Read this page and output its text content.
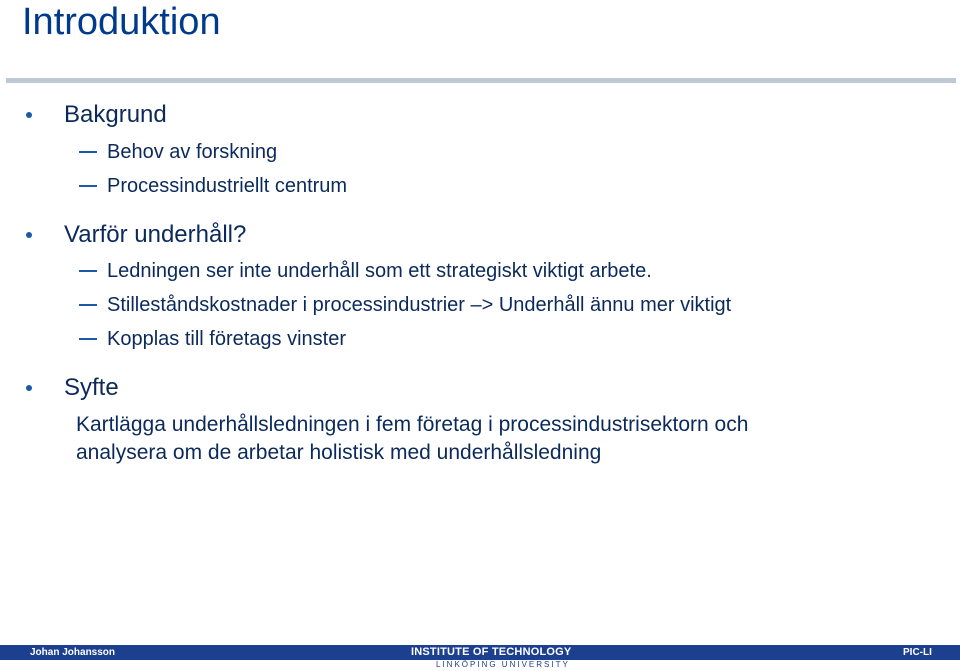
Introduktion
Bakgrund
Behov av forskning
Processindustriellt centrum
Varför underhåll?
Ledningen ser inte underhåll som ett strategiskt viktigt arbete.
Stilleståndskostnader i processindustrier –> Underhåll ännu mer viktigt
Kopplas till företags vinster
Syfte
Kartlägga underhållsledningen i fem företag i processindustrisektorn och
analysera om de arbetar holistisk med underhållsledning
Johan Johansson	INSTITUTE OF TECHNOLOGY
LINKÖPING UNIVERSITY
PIC-LI
